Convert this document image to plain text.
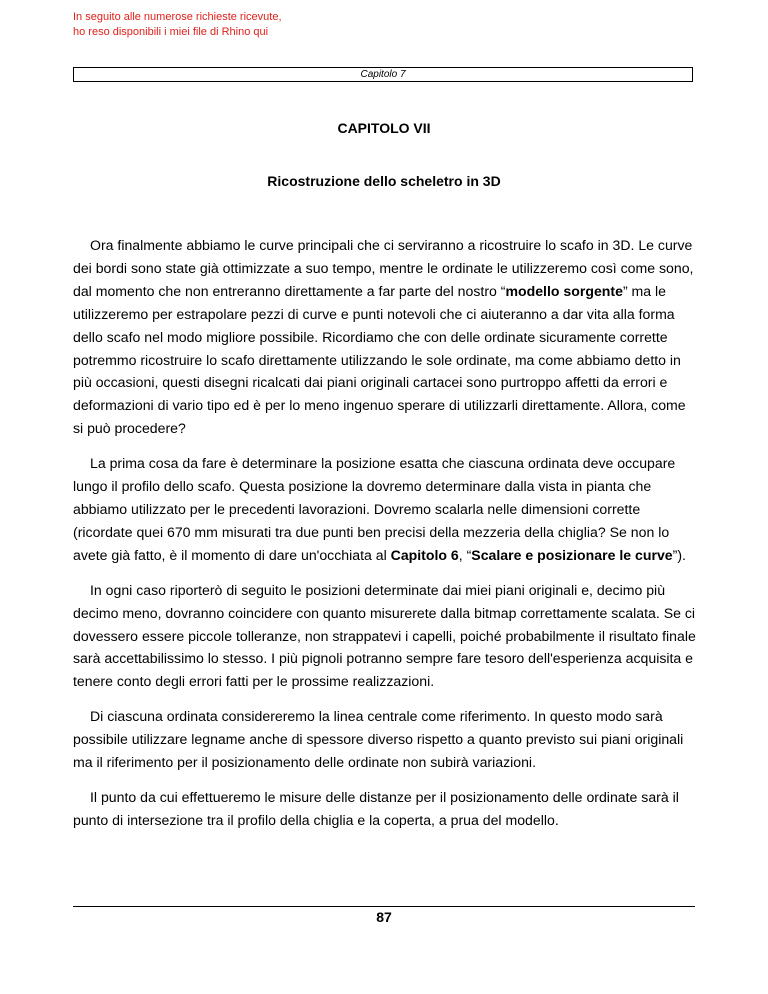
In seguito alle numerose richieste ricevute,
ho reso disponibili i miei file di Rhino qui
Capitolo 7
CAPITOLO VII
Ricostruzione dello scheletro in 3D

Ora finalmente abbiamo le curve principali che ci serviranno a ricostruire lo scafo in 3D. Le curve dei bordi sono state già ottimizzate a suo tempo, mentre le ordinate le utilizzeremo così come sono, dal momento che non entreranno direttamente a far parte del nostro “modello sorgente” ma le utilizzeremo per estrapolare pezzi di curve e punti notevoli che ci aiuteranno a dar vita alla forma dello scafo nel modo migliore possibile. Ricordiamo che con delle ordinate sicuramente corrette potremmo ricostruire lo scafo direttamente utilizzando le sole ordinate, ma come abbiamo detto in più occasioni, questi disegni ricalcati dai piani originali cartacei sono purtroppo affetti da errori e deformazioni di vario tipo ed è per lo meno ingenuo sperare di utilizzarli direttamente. Allora, come si può procedere?

La prima cosa da fare è determinare la posizione esatta che ciascuna ordinata deve occupare lungo il profilo dello scafo. Questa posizione la dovremo determinare dalla vista in pianta che abbiamo utilizzato per le precedenti lavorazioni. Dovremo scalarla nelle dimensioni corrette (ricordate quei 670 mm misurati tra due punti ben precisi della mezzeria della chiglia? Se non lo avete già fatto, è il momento di dare un'occhiata al Capitolo 6, “Scalare e posizionare le curve”).

In ogni caso riporterò di seguito le posizioni determinate dai miei piani originali e, decimo più decimo meno, dovranno coincidere con quanto misurerete dalla bitmap correttamente scalata. Se ci dovessero essere piccole tolleranze, non strappatevi i capelli, poiché probabilmente il risultato finale sarà accettabilissimo lo stesso. I più pignoli potranno sempre fare tesoro dell'esperienza acquisita e tenere conto degli errori fatti per le prossime realizzazioni.

Di ciascuna ordinata considereremo la linea centrale come riferimento. In questo modo sarà possibile utilizzare legname anche di spessore diverso rispetto a quanto previsto sui piani originali ma il riferimento per il posizionamento delle ordinate non subirà variazioni.

Il punto da cui effettueremo le misure delle distanze per il posizionamento delle ordinate sarà il punto di intersezione tra il profilo della chiglia e la coperta, a prua del modello.

87
